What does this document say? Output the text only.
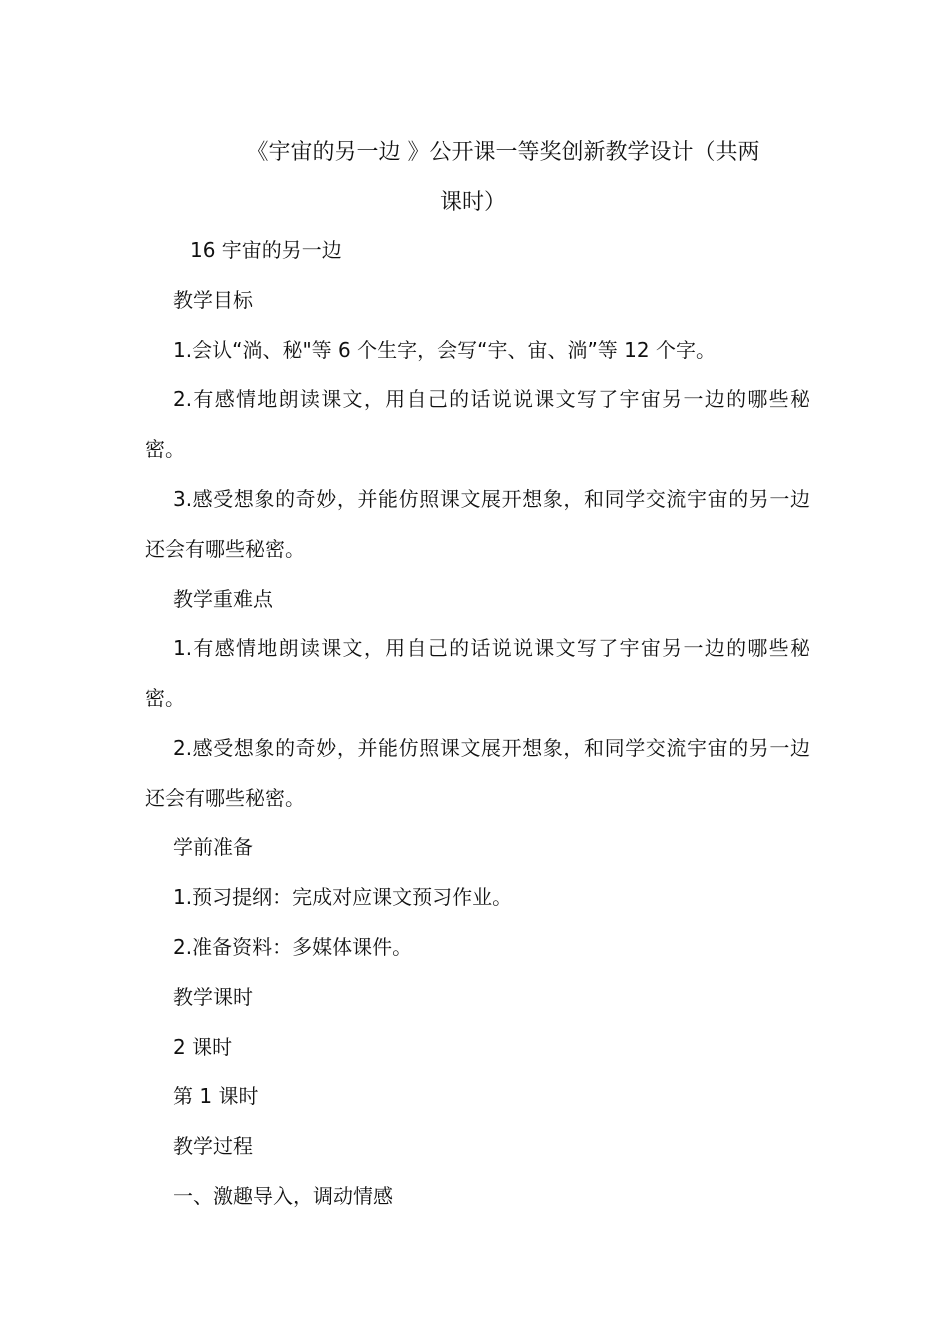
《宇宙的另一边 》公开课一等奖创新教学设计（共两
课时）

16 宇宙的另一边

教学目标

1.会认“淌、秘"等 6 个生字，会写“宇、宙、淌”等 12 个字。

2.有感情地朗读课文，用自己的话说说课文写了宇宙另一边的哪些秘密。

3.感受想象的奇妙，并能仿照课文展开想象，和同学交流宇宙的另一边还会有哪些秘密。

教学重难点

1.有感情地朗读课文，用自己的话说说课文写了宇宙另一边的哪些秘密。

2.感受想象的奇妙，并能仿照课文展开想象，和同学交流宇宙的另一边还会有哪些秘密。

学前准备

1.预习提纲：完成对应课文预习作业。

2.准备资料：多媒体课件。

教学课时

2 课时

第 1 课时

教学过程

一、激趣导入，调动情感
